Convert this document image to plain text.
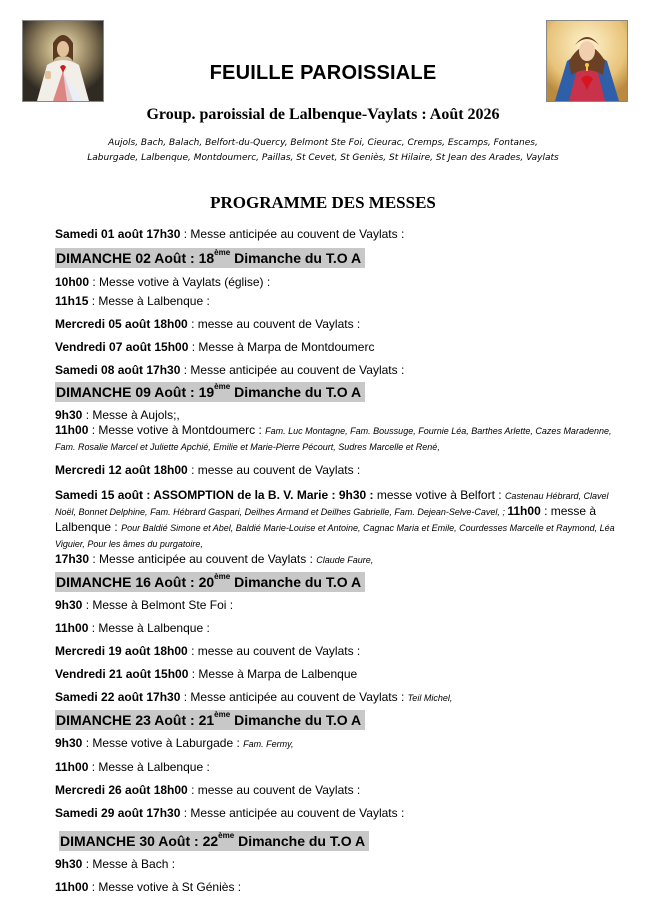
FEUILLE PAROISSIALE
Group. paroissial de Lalbenque-Vaylats : Août 2026
Aujols, Bach, Balach, Belfort-du-Quercy, Belmont Ste Foi, Cieurac, Cremps, Escamps, Fontanes,
Laburgade, Lalbenque, Montdoumerc, Paillas, St Cevet, St Geniès, St Hilaire, St Jean des Arades, Vaylats
PROGRAMME DES MESSES
Samedi 01 août 17h30 : Messe anticipée au couvent de Vaylats :
DIMANCHE 02 Août : 18ème Dimanche du T.O A
10h00 : Messe votive à Vaylats (église) :
11h15 : Messe à Lalbenque :
Mercredi 05 août 18h00 : messe au couvent de Vaylats :
Vendredi 07 août 15h00 : Messe à Marpa de Montdoumerc
Samedi 08 août 17h30 : Messe anticipée au couvent de Vaylats :
DIMANCHE 09 Août : 19ème Dimanche du T.O A
9h30 : Messe à Aujols;,
11h00 : Messe votive à Montdoumerc : Fam. Luc Montagne, Fam. Boussuge, Fournie Léa, Barthes Arlette, Cazes Maradenne, Fam. Rosalie Marcel et Juliette Apchié, Emilie et Marie-Pierre Pécourt, Sudres Marcelle et René,
Mercredi 12 août 18h00 : messe au couvent de Vaylats :
Samedi 15 août : ASSOMPTION de la B. V. Marie : 9h30 : messe votive à Belfort : Castenau Hébrard, Clavel Noël, Bonnet Delphine, Fam. Hébrard Gaspari, Deilhes Armand et Deilhes Gabrielle, Fam. Dejean-Selve-Cavel, ; 11h00 : messe à Lalbenque : Pour Baldié Simone et Abel, Baldié Marie-Louise et Antoine, Cagnac Maria et Emile, Courdesses Marcelle et Raymond, Léa Viguier, Pour les âmes du purgatoire,
17h30 : Messe anticipée au couvent de Vaylats : Claude Faure,
DIMANCHE 16 Août : 20ème Dimanche du T.O A
9h30 : Messe à Belmont Ste Foi :
11h00 : Messe à Lalbenque :
Mercredi 19 août 18h00 : messe au couvent de Vaylats :
Vendredi 21 août 15h00 : Messe à Marpa de Lalbenque
Samedi 22 août 17h30 : Messe anticipée au couvent de Vaylats : Teil Michel,
DIMANCHE 23 Août : 21ème Dimanche du T.O A
9h30 : Messe votive à Laburgade : Fam. Fermy,
11h00 : Messe à Lalbenque :
Mercredi 26 août 18h00 : messe au couvent de Vaylats :
Samedi 29 août 17h30 : Messe anticipée au couvent de Vaylats :
DIMANCHE 30 Août : 22ème Dimanche du T.O A
9h30 : Messe à Bach :
11h00 : Messe votive à St Géniès :
